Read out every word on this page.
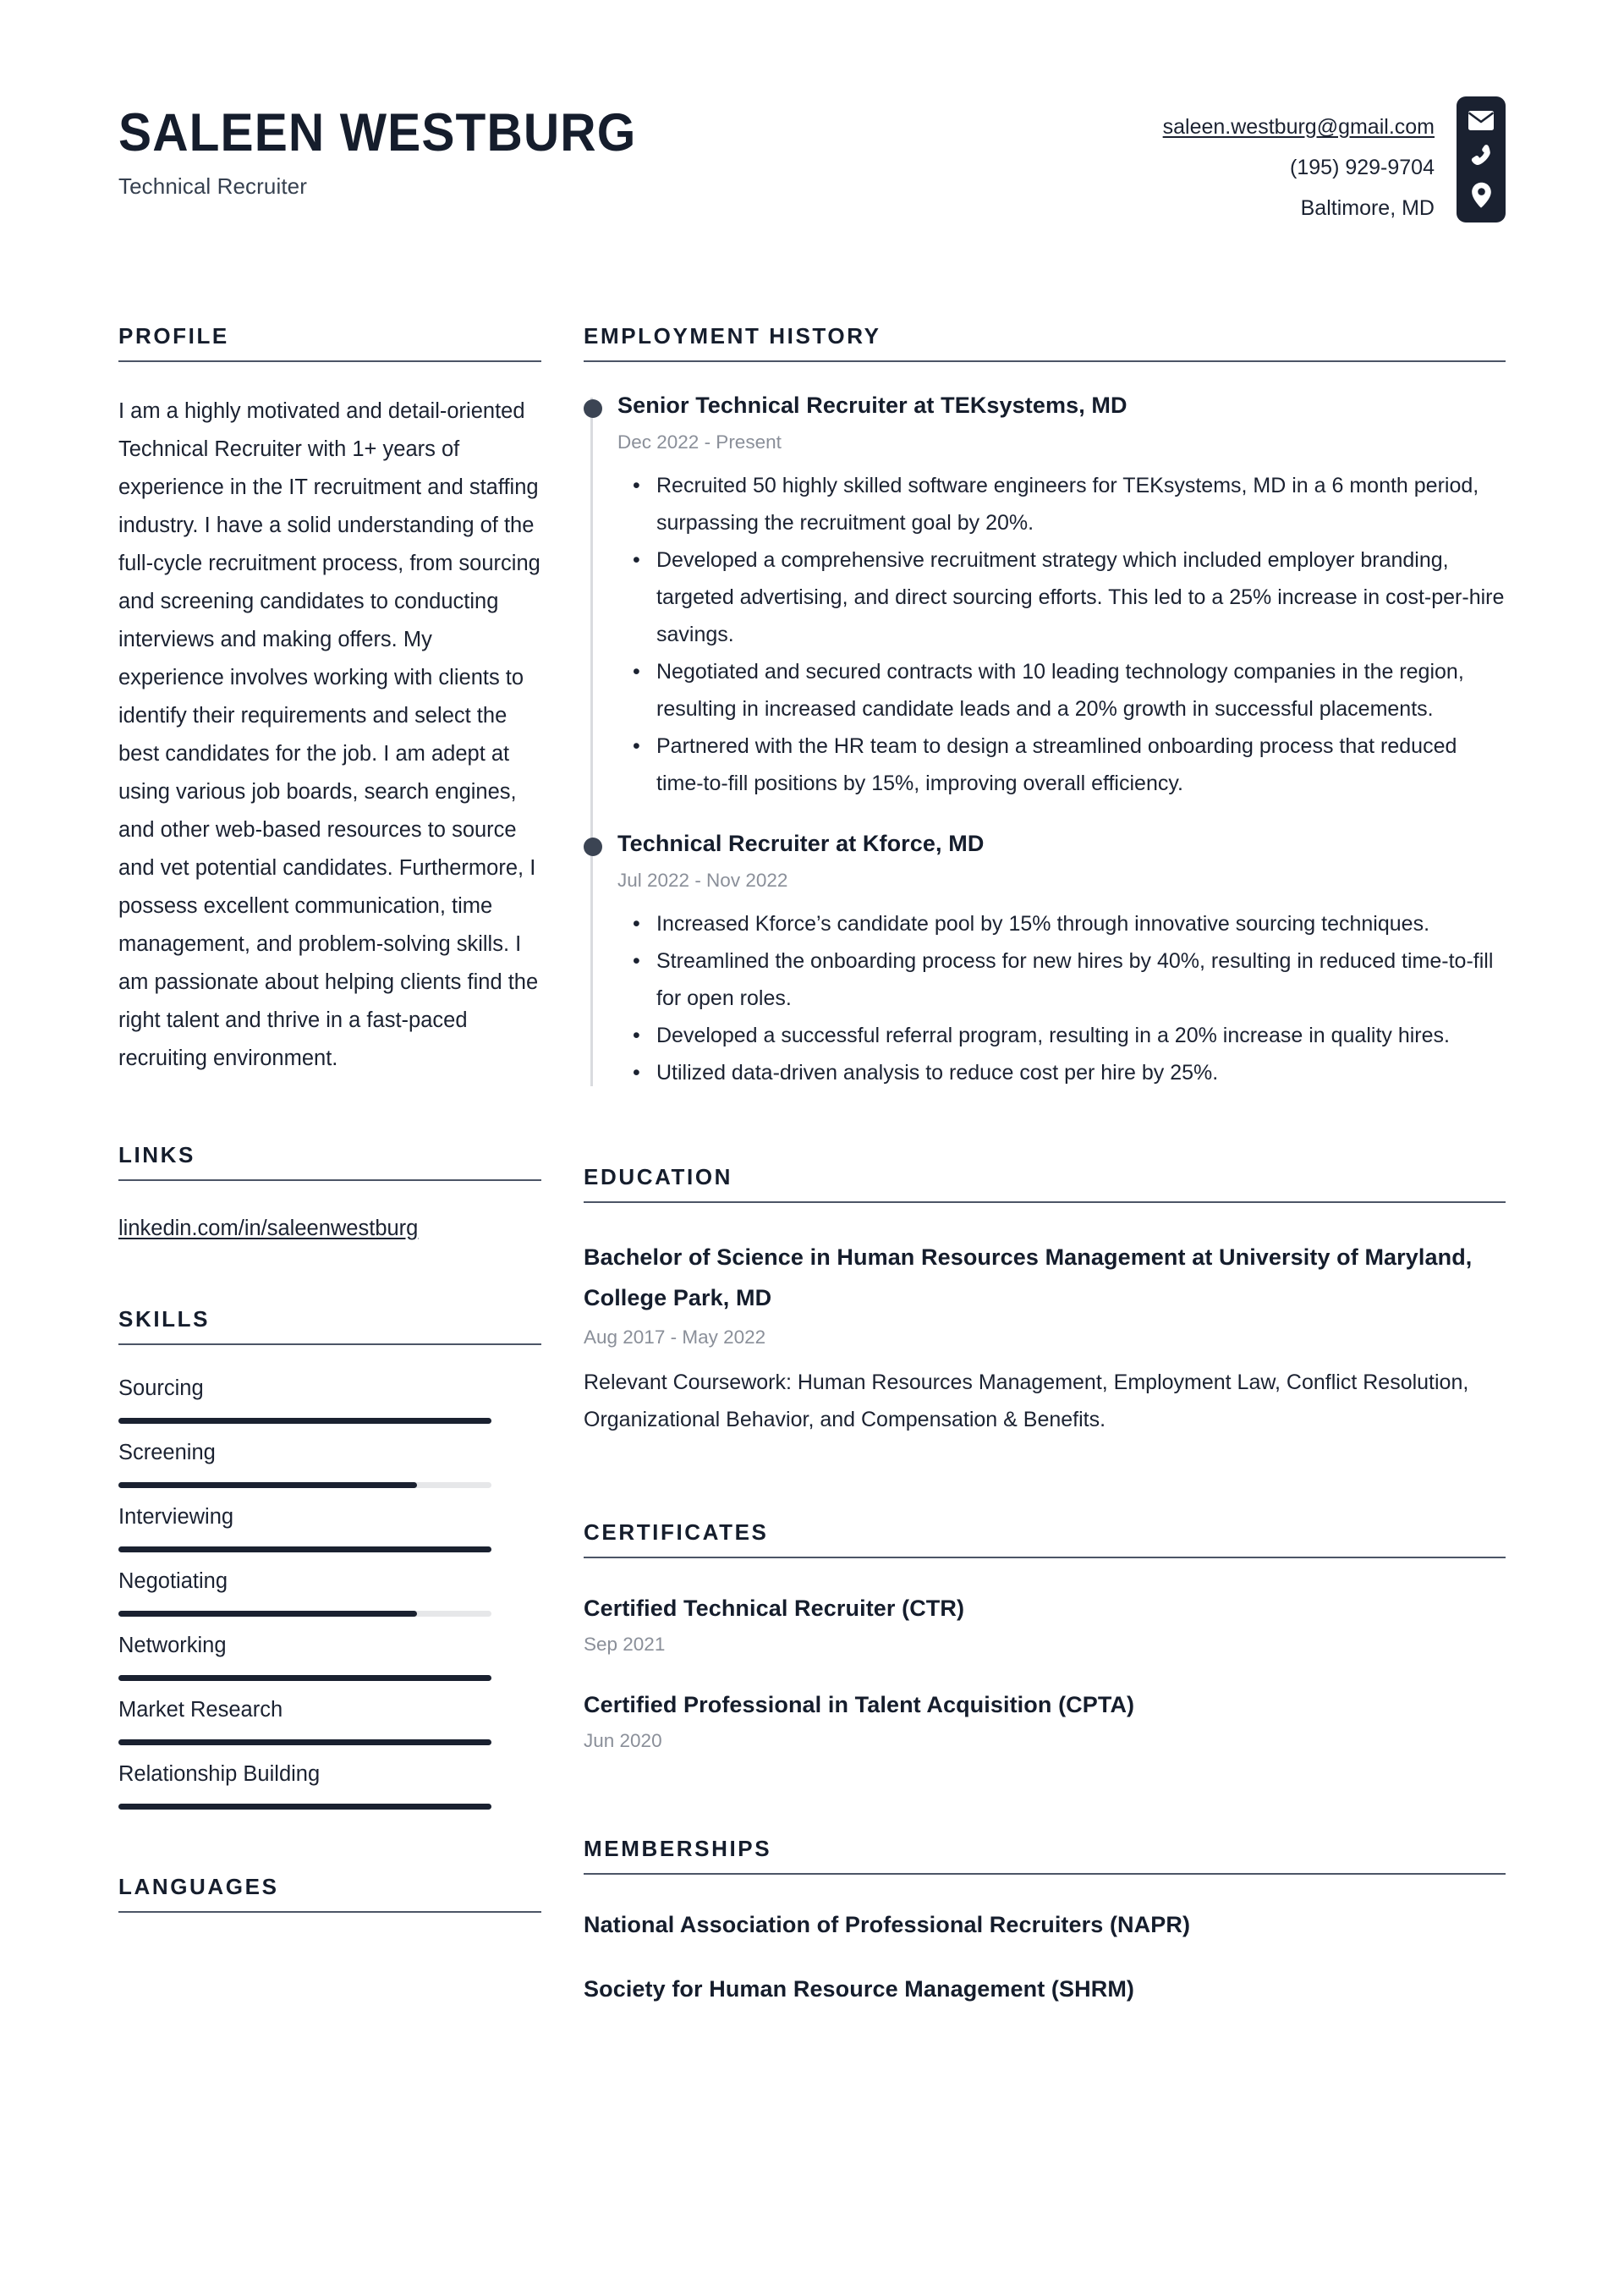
SALEEN WESTBURG
Technical Recruiter
saleen.westburg@gmail.com
(195) 929-9704
Baltimore, MD
PROFILE
I am a highly motivated and detail-oriented Technical Recruiter with 1+ years of experience in the IT recruitment and staffing industry. I have a solid understanding of the full-cycle recruitment process, from sourcing and screening candidates to conducting interviews and making offers. My experience involves working with clients to identify their requirements and select the best candidates for the job. I am adept at using various job boards, search engines, and other web-based resources to source and vet potential candidates. Furthermore, I possess excellent communication, time management, and problem-solving skills. I am passionate about helping clients find the right talent and thrive in a fast-paced recruiting environment.
LINKS
linkedin.com/in/saleenwestburg
SKILLS
Sourcing
Screening
Interviewing
Negotiating
Networking
Market Research
Relationship Building
LANGUAGES
EMPLOYMENT HISTORY
Senior Technical Recruiter at TEKsystems, MD
Dec 2022 - Present
• Recruited 50 highly skilled software engineers for TEKsystems, MD in a 6 month period, surpassing the recruitment goal by 20%.
• Developed a comprehensive recruitment strategy which included employer branding, targeted advertising, and direct sourcing efforts. This led to a 25% increase in cost-per-hire savings.
• Negotiated and secured contracts with 10 leading technology companies in the region, resulting in increased candidate leads and a 20% growth in successful placements.
• Partnered with the HR team to design a streamlined onboarding process that reduced time-to-fill positions by 15%, improving overall efficiency.
Technical Recruiter at Kforce, MD
Jul 2022 - Nov 2022
• Increased Kforce’s candidate pool by 15% through innovative sourcing techniques.
• Streamlined the onboarding process for new hires by 40%, resulting in reduced time-to-fill for open roles.
• Developed a successful referral program, resulting in a 20% increase in quality hires.
• Utilized data-driven analysis to reduce cost per hire by 25%.
EDUCATION
Bachelor of Science in Human Resources Management at University of Maryland, College Park, MD
Aug 2017 - May 2022
Relevant Coursework: Human Resources Management, Employment Law, Conflict Resolution, Organizational Behavior, and Compensation & Benefits.
CERTIFICATES
Certified Technical Recruiter (CTR)
Sep 2021
Certified Professional in Talent Acquisition (CPTA)
Jun 2020
MEMBERSHIPS
National Association of Professional Recruiters (NAPR)
Society for Human Resource Management (SHRM)
